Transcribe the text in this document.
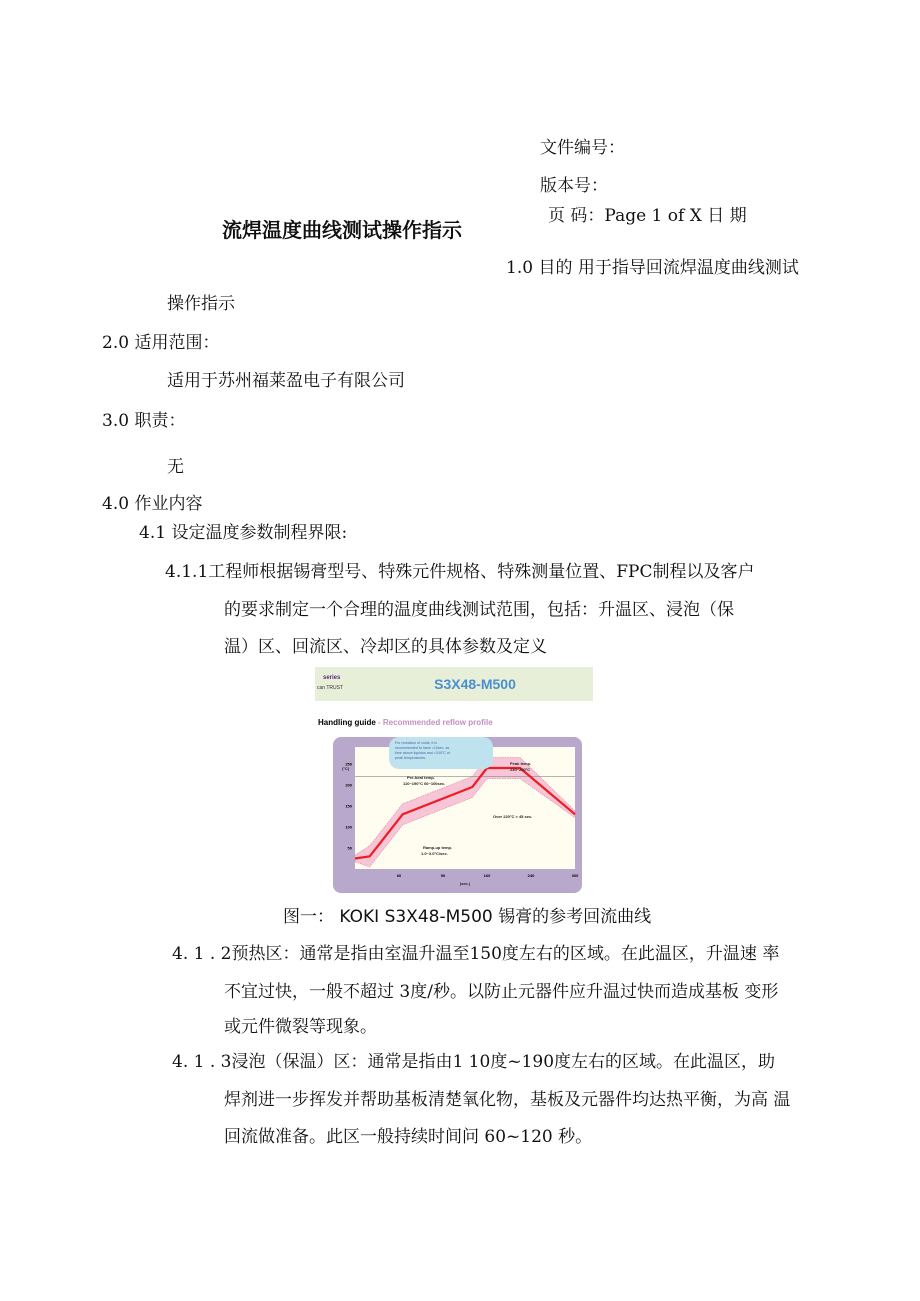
文件编号：
版本号：
页 码：Page 1 of X 日 期
流焊温度曲线测试操作指示
1.0 目的 用于指导回流焊温度曲线测试
操作指示
2.0 适用范围：
适用于苏州福莱盈电子有限公司
3.0 职责：
无
4.0 作业内容
4.1 设定温度参数制程界限:
4.1.1工程师根据锡膏型号、特殊元件规格、特殊测量位置、FPC制程以及客户
的要求制定一个合理的温度曲线测试范围，包括：升温区、浸泡（保
温）区、回流区、冷却区的具体参数及定义
series
can TRUST	S3X48-M500
Handling guide - Recommended reflow profile
50
100
150
200
250
60	90	160	240	300
For reduction of voids, it is
recommended to have >10sec. as
time above liquidus and >240°C of
peak temperatures.
Peak temp.
230~250°C
Pre-heat temp.
110~190°C 60~100sec.
Over 220°C > 45 sec.
Ramp-up temp.
1.0~3.0°C/sec.
(°C)
(sec.)
图一： KOKI S3X48-M500 锡膏的参考回流曲线
4. 1 . 2预热区：通常是指由室温升温至150度左右的区域。在此温区，升温速 率
不宜过快，一般不超过 3度/秒。以防止元器件应升温过快而造成基板 变形
或元件微裂等现象。
4. 1 . 3浸泡（保温）区：通常是指由1 10度~190度左右的区域。在此温区，助
焊剂进一步挥发并帮助基板清楚氧化物，基板及元器件均达热平衡，为高 温
回流做准备。此区一般持续时间问 60~120 秒。
